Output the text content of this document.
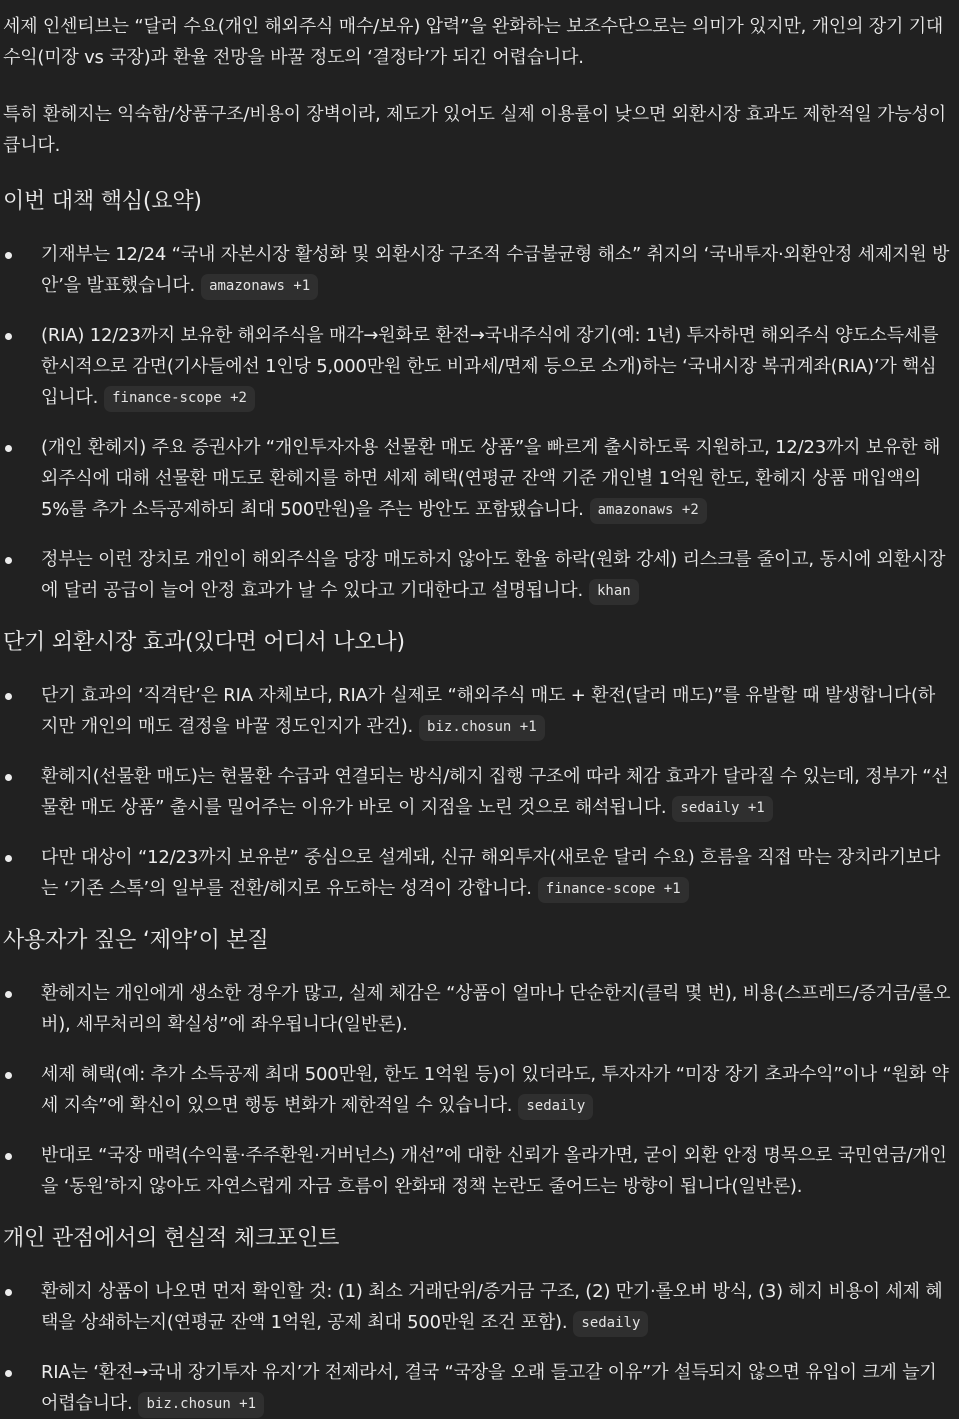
세제 인센티브는 “달러 수요(개인 해외주식 매수/보유) 압력”을 완화하는 보조수단으로는 의미가 있지만, 개인의 장기 기대수익(미장 vs 국장)과 환율 전망을 바꿀 정도의 ‘결정타’가 되긴 어렵습니다.

특히 환헤지는 익숙함/상품구조/비용이 장벽이라, 제도가 있어도 실제 이용률이 낮으면 외환시장 효과도 제한적일 가능성이 큽니다.

이번 대책 핵심(요약)
기재부는 12/24 “국내 자본시장 활성화 및 외환시장 구조적 수급불균형 해소” 취지의 ‘국내투자·외환안정 세제지원 방안’을 발표했습니다. amazonaws +1
(RIA) 12/23까지 보유한 해외주식을 매각→원화로 환전→국내주식에 장기(예: 1년) 투자하면 해외주식 양도소득세를 한시적으로 감면(기사들에선 1인당 5,000만원 한도 비과세/면제 등으로 소개)하는 ‘국내시장 복귀계좌(RIA)’가 핵심입니다. finance-scope +2
(개인 환헤지) 주요 증권사가 “개인투자자용 선물환 매도 상품”을 빠르게 출시하도록 지원하고, 12/23까지 보유한 해외주식에 대해 선물환 매도로 환헤지를 하면 세제 혜택(연평균 잔액 기준 개인별 1억원 한도, 환헤지 상품 매입액의 5%를 추가 소득공제하되 최대 500만원)을 주는 방안도 포함됐습니다. amazonaws +2
정부는 이런 장치로 개인이 해외주식을 당장 매도하지 않아도 환율 하락(원화 강세) 리스크를 줄이고, 동시에 외환시장에 달러 공급이 늘어 안정 효과가 날 수 있다고 기대한다고 설명됩니다. khan
단기 외환시장 효과(있다면 어디서 나오나)
단기 효과의 ‘직격탄’은 RIA 자체보다, RIA가 실제로 “해외주식 매도 + 환전(달러 매도)”를 유발할 때 발생합니다(하지만 개인의 매도 결정을 바꿀 정도인지가 관건). biz.chosun +1
환헤지(선물환 매도)는 현물환 수급과 연결되는 방식/헤지 집행 구조에 따라 체감 효과가 달라질 수 있는데, 정부가 “선물환 매도 상품” 출시를 밀어주는 이유가 바로 이 지점을 노린 것으로 해석됩니다. sedaily +1
다만 대상이 “12/23까지 보유분” 중심으로 설계돼, 신규 해외투자(새로운 달러 수요) 흐름을 직접 막는 장치라기보다는 ‘기존 스톡’의 일부를 전환/헤지로 유도하는 성격이 강합니다. finance-scope +1
사용자가 짚은 ‘제약’이 본질
환헤지는 개인에게 생소한 경우가 많고, 실제 체감은 “상품이 얼마나 단순한지(클릭 몇 번), 비용(스프레드/증거금/롤오버), 세무처리의 확실성”에 좌우됩니다(일반론).
세제 혜택(예: 추가 소득공제 최대 500만원, 한도 1억원 등)이 있더라도, 투자자가 “미장 장기 초과수익”이나 “원화 약세 지속”에 확신이 있으면 행동 변화가 제한적일 수 있습니다. sedaily
반대로 “국장 매력(수익률·주주환원·거버넌스) 개선”에 대한 신뢰가 올라가면, 굳이 외환 안정 명목으로 국민연금/개인을 ‘동원’하지 않아도 자연스럽게 자금 흐름이 완화돼 정책 논란도 줄어드는 방향이 됩니다(일반론).
개인 관점에서의 현실적 체크포인트
환헤지 상품이 나오면 먼저 확인할 것: (1) 최소 거래단위/증거금 구조, (2) 만기·롤오버 방식, (3) 헤지 비용이 세제 혜택을 상쇄하는지(연평균 잔액 1억원, 공제 최대 500만원 조건 포함). sedaily
RIA는 ‘환전→국내 장기투자 유지’가 전제라서, 결국 “국장을 오래 들고갈 이유”가 설득되지 않으면 유입이 크게 늘기 어렵습니다. biz.chosun +1
